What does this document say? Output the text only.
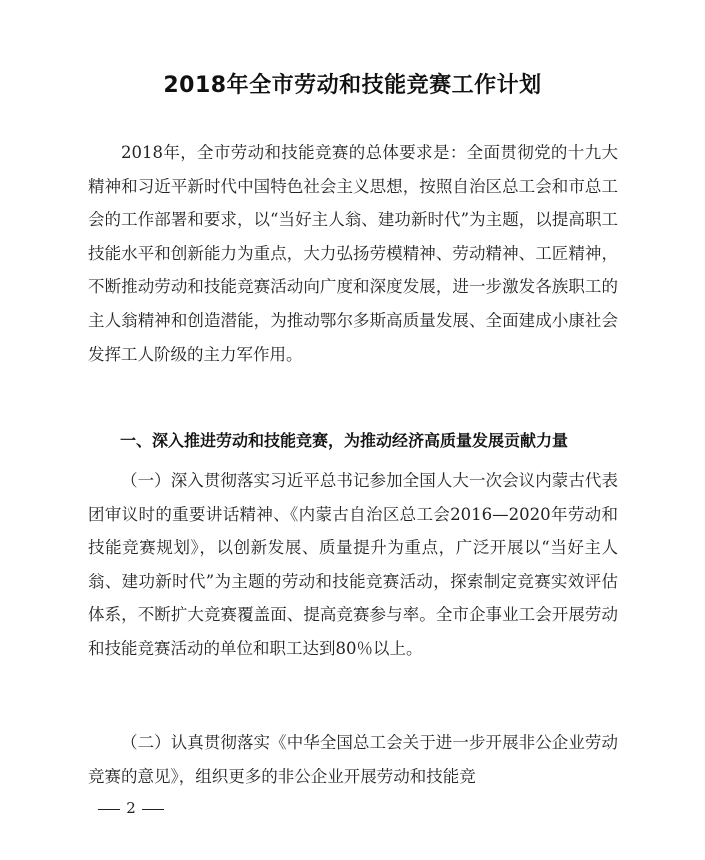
2018年全市劳动和技能竞赛工作计划

2018年，全市劳动和技能竞赛的总体要求是：全面贯彻党的十九大精神和习近平新时代中国特色社会主义思想，按照自治区总工会和市总工会的工作部署和要求，以“当好主人翁、建功新时代”为主题，以提高职工技能水平和创新能力为重点，大力弘扬劳模精神、劳动精神、工匠精神，不断推动劳动和技能竞赛活动向广度和深度发展，进一步激发各族职工的主人翁精神和创造潜能，为推动鄂尔多斯高质量发展、全面建成小康社会发挥工人阶级的主力军作用。

一、深入推进劳动和技能竞赛，为推动经济高质量发展贡献力量

（一）深入贯彻落实习近平总书记参加全国人大一次会议内蒙古代表团审议时的重要讲话精神、《内蒙古自治区总工会2016—2020年劳动和技能竞赛规划》，以创新发展、质量提升为重点，广泛开展以“当好主人翁、建功新时代”为主题的劳动和技能竞赛活动，探索制定竞赛实效评估体系，不断扩大竞赛覆盖面、提高竞赛参与率。全市企事业工会开展劳动和技能竞赛活动的单位和职工达到80％以上。

（二）认真贯彻落实《中华全国总工会关于进一步开展非公企业劳动竞赛的意见》，组织更多的非公企业开展劳动和技能竞

2
